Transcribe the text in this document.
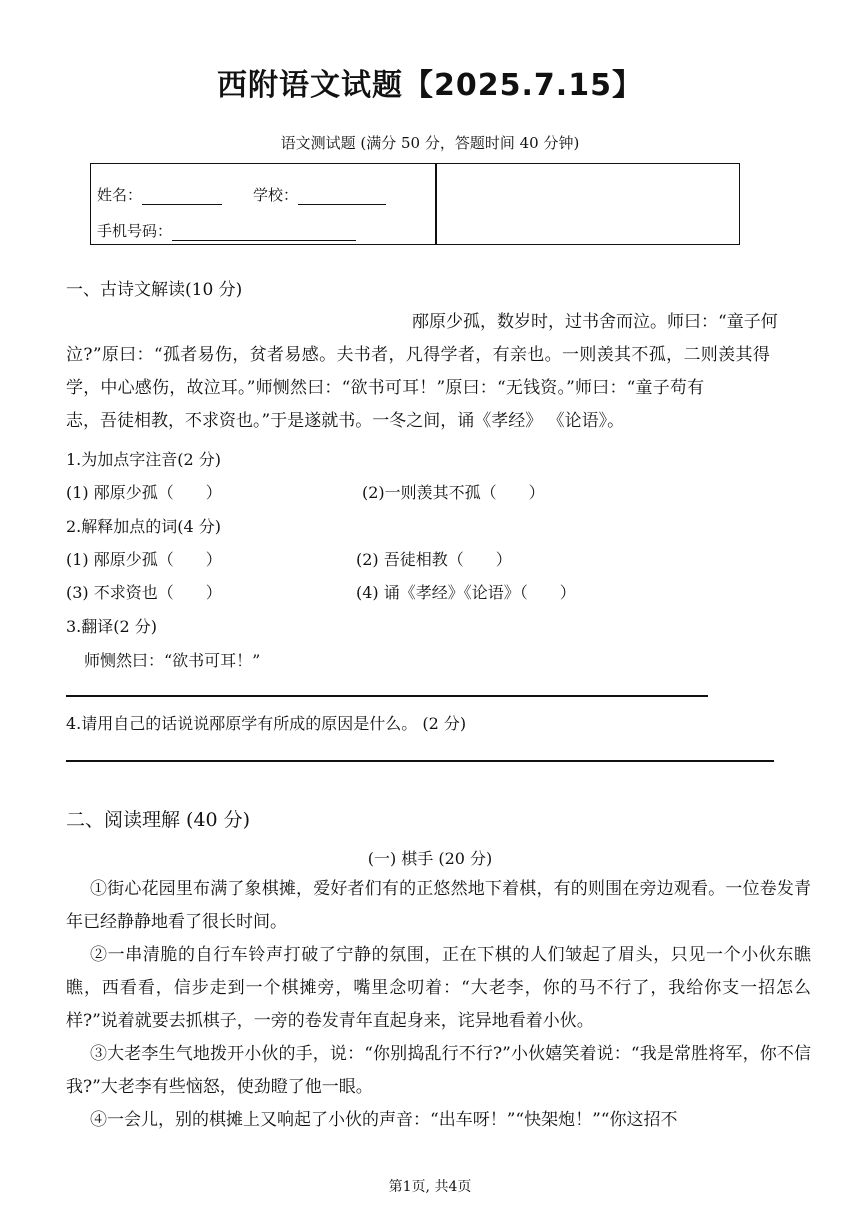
西附语文试题【2025.7.15】
语文测试题 (满分 50 分，答题时间 40 分钟)
姓名：	学校：
手机号码：
一、古诗文解读(10 分)
邴原少孤，数岁时，过书舍而泣。师曰：“童子何
泣?”原曰：“孤者易伤，贫者易感。夫书者，凡得学者，有亲也。一则羡其不孤，二则羡其得
学，中心感伤，故泣耳。”师恻然曰：“欲书可耳！”原曰：“无钱资。”师曰：“童子苟有
志，吾徒相教，不求资也。”于是遂就书。一冬之间，诵《孝经》 《论语》。
1.为加点字注音(2 分)
(1) 邴原少孤（　　）	(2)一则羡其不孤（　　）
2.解释加点的词(4 分)
(1) 邴原少孤（　　）	(2) 吾徒相教（　　）
(3) 不求资也（　　）	(4) 诵《孝经》《论语》（　　）
3.翻译(2 分)
师恻然曰：“欲书可耳！”
4.请用自己的话说说邴原学有所成的原因是什么。 (2 分)
二、阅读理解 (40 分)
(一) 棋手 (20 分)
①街心花园里布满了象棋摊，爱好者们有的正悠然地下着棋，有的则围在旁边观看。一位卷发青年已经静静地看了很长时间。
②一串清脆的自行车铃声打破了宁静的氛围，正在下棋的人们皱起了眉头，只见一个小伙东瞧瞧，西看看，信步走到一个棋摊旁，嘴里念叨着：“大老李，你的马不行了，我给你支一招怎么样?”说着就要去抓棋子，一旁的卷发青年直起身来，诧异地看着小伙。
③大老李生气地拨开小伙的手，说：“你别捣乱行不行?”小伙嬉笑着说：“我是常胜将军，你不信我?”大老李有些恼怒，使劲瞪了他一眼。
④一会儿，别的棋摊上又响起了小伙的声音：“出车呀！”“快架炮！”“你这招不
第1页, 共4页
